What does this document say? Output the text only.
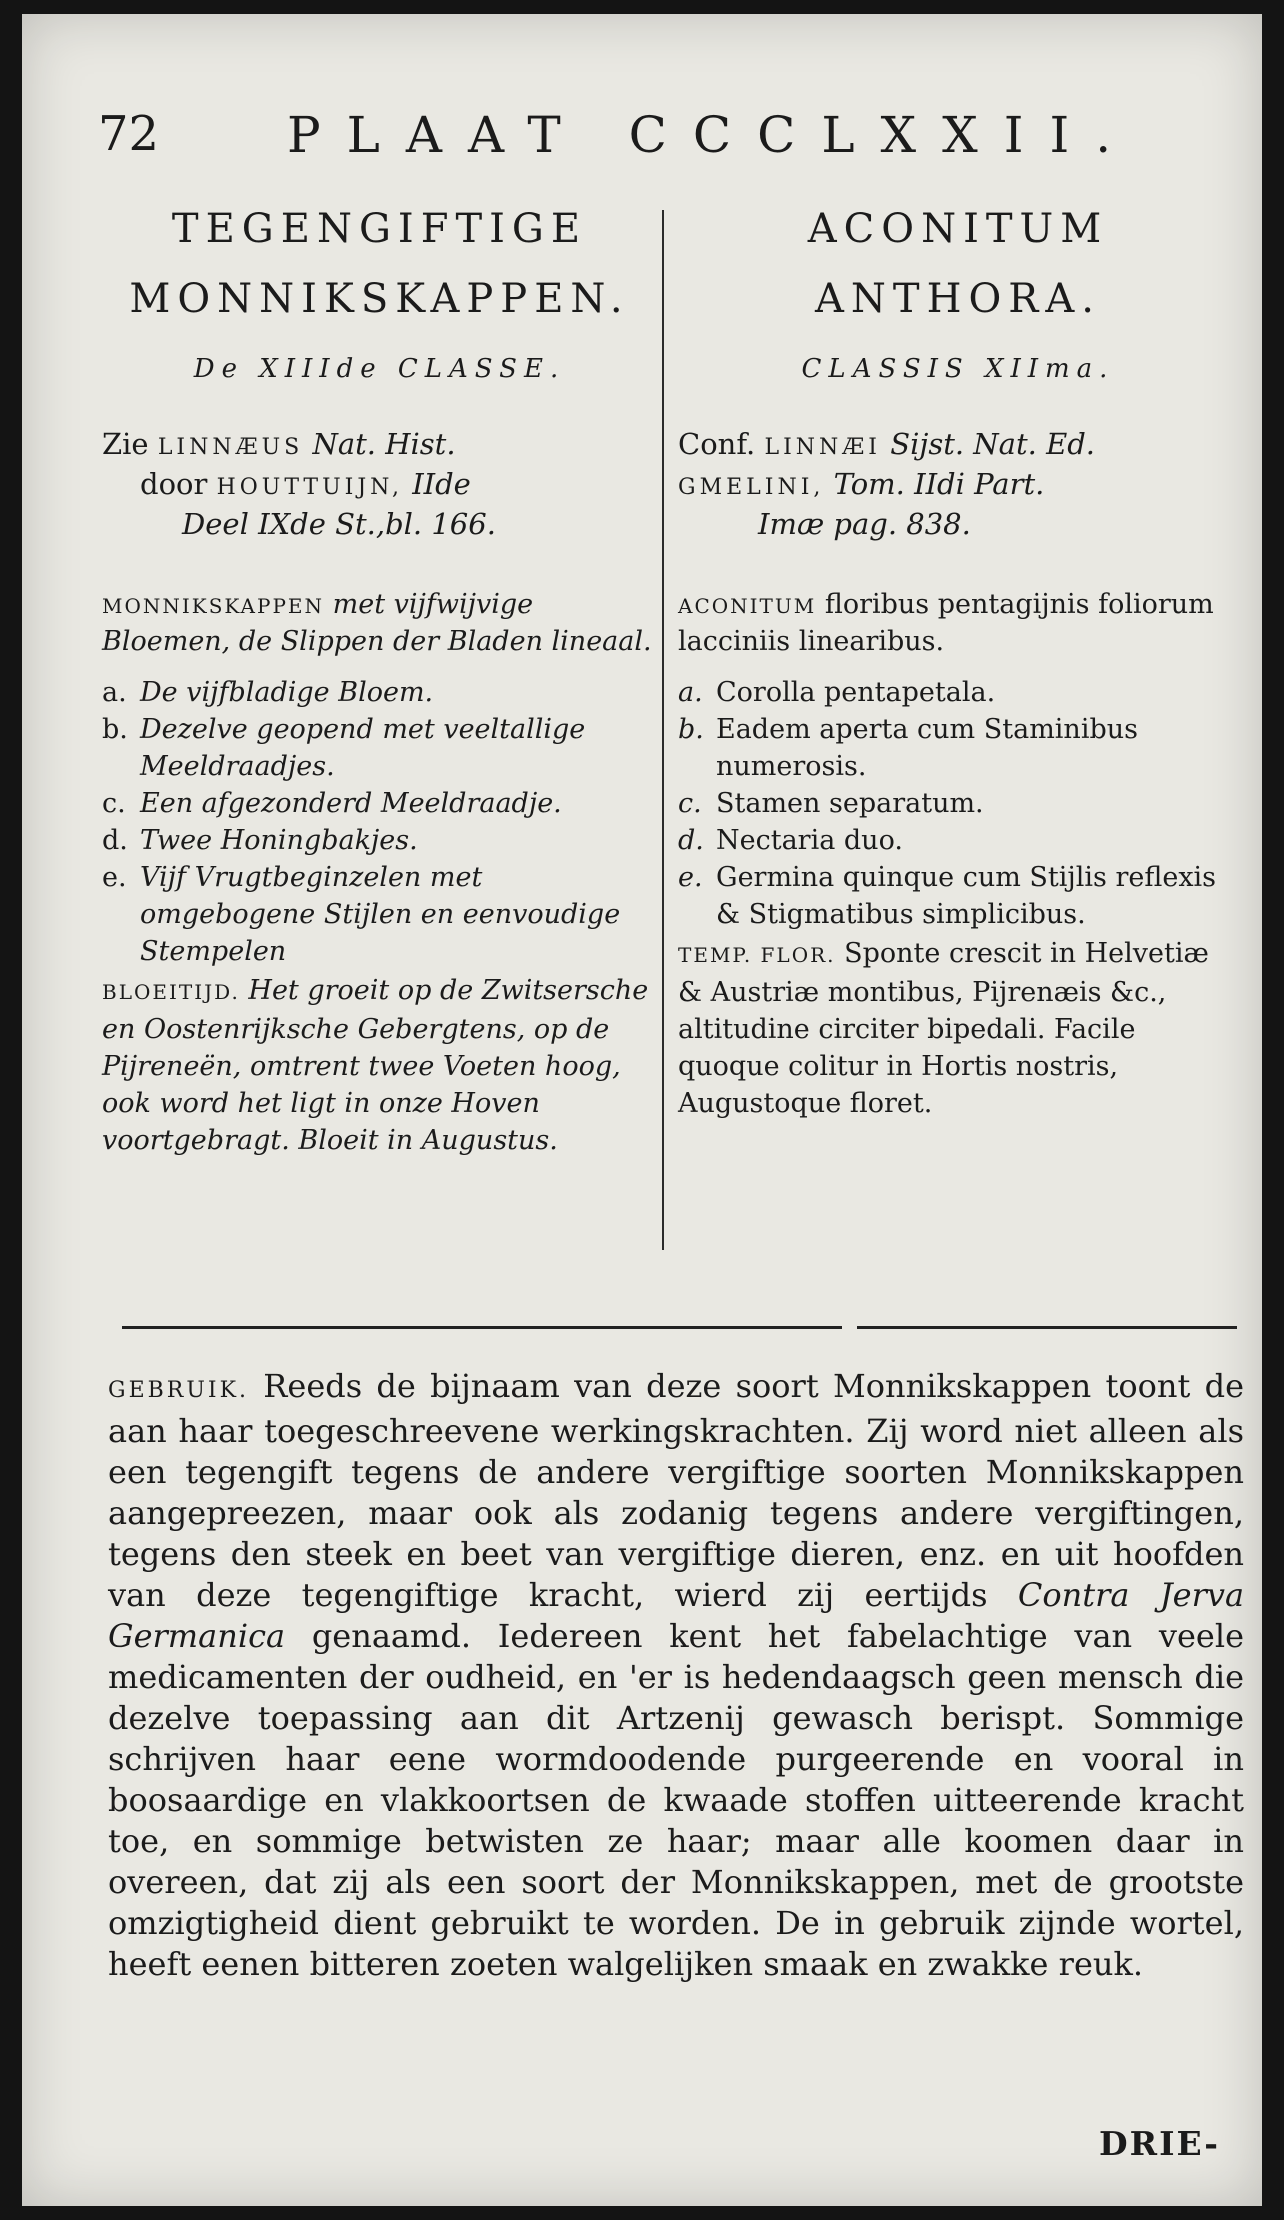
72	PLAAT CCCLXXII.

TEGENGIFTIGE
MONNIKSKAPPEN.

De XIIIde CLASSE.

Zie LINNÆUS Nat. Hist.
door HOUTTUIJN, IIde
Deel IXde St.,bl. 166.

MONNIKSKAPPEN met vijfwijvige Bloemen, de Slippen der Bladen lineaal.

a. De vijfbladige Bloem.
b. Dezelve geopend met veeltallige Meeldraadjes.
c. Een afgezonderd Meeldraadje.
d. Twee Honingbakjes.
e. Vijf Vrugtbeginzelen met omgebogene Stijlen en eenvoudige Stempelen

BLOEITIJD. Het groeit op de Zwitsersche en Oostenrijksche Gebergtens, op de Pijreneën, omtrent twee Voeten hoog, ook word het ligt in onze Hoven voortgebragt. Bloeit in Augustus.

ACONITUM
ANTHORA.

CLASSIS XIIma.

Conf. LINNÆI Sijst. Nat. Ed.
GMELINI, Tom. IIdi Part.
Imæ pag. 838.

ACONITUM floribus pentagijnis foliorum lacciniis linearibus.

a. Corolla pentapetala.
b. Eadem aperta cum Staminibus numerosis.
c. Stamen separatum.
d. Nectaria duo.
e. Germina quinque cum Stijlis reflexis & Stigmatibus simplicibus.

TEMP. FLOR. Sponte crescit in Helvetiæ & Austriæ montibus, Pijrenæis &c., altitudine circiter bipedali. Facile quoque colitur in Hortis nostris, Augustoque floret.

GEBRUIK. Reeds de bijnaam van deze soort Monnikskappen toont de aan haar toegeschreevene werkingskrachten. Zij word niet alleen als een tegengift tegens de andere vergiftige soorten Monnikskappen aangepreezen, maar ook als zodanig tegens andere vergiftingen, tegens den steek en beet van vergiftige dieren, enz. en uit hoofden van deze tegengiftige kracht, wierd zij eertijds Contra Jerva Germanica genaamd. Iedereen kent het fabelachtige van veele medicamenten der oudheid, en 'er is hedendaagsch geen mensch die dezelve toepassing aan dit Artzenij gewasch berispt. Sommige schrijven haar eene wormdoodende purgeerende en vooral in boosaardige en vlakkoortsen de kwaade stoffen uitteerende kracht toe, en sommige betwisten ze haar; maar alle koomen daar in overeen, dat zij als een soort der Monnikskappen, met de grootste omzigtigheid dient gebruikt te worden. De in gebruik zijnde wortel, heeft eenen bitteren zoeten walgelijken smaak en zwakke reuk.

DRIE-
